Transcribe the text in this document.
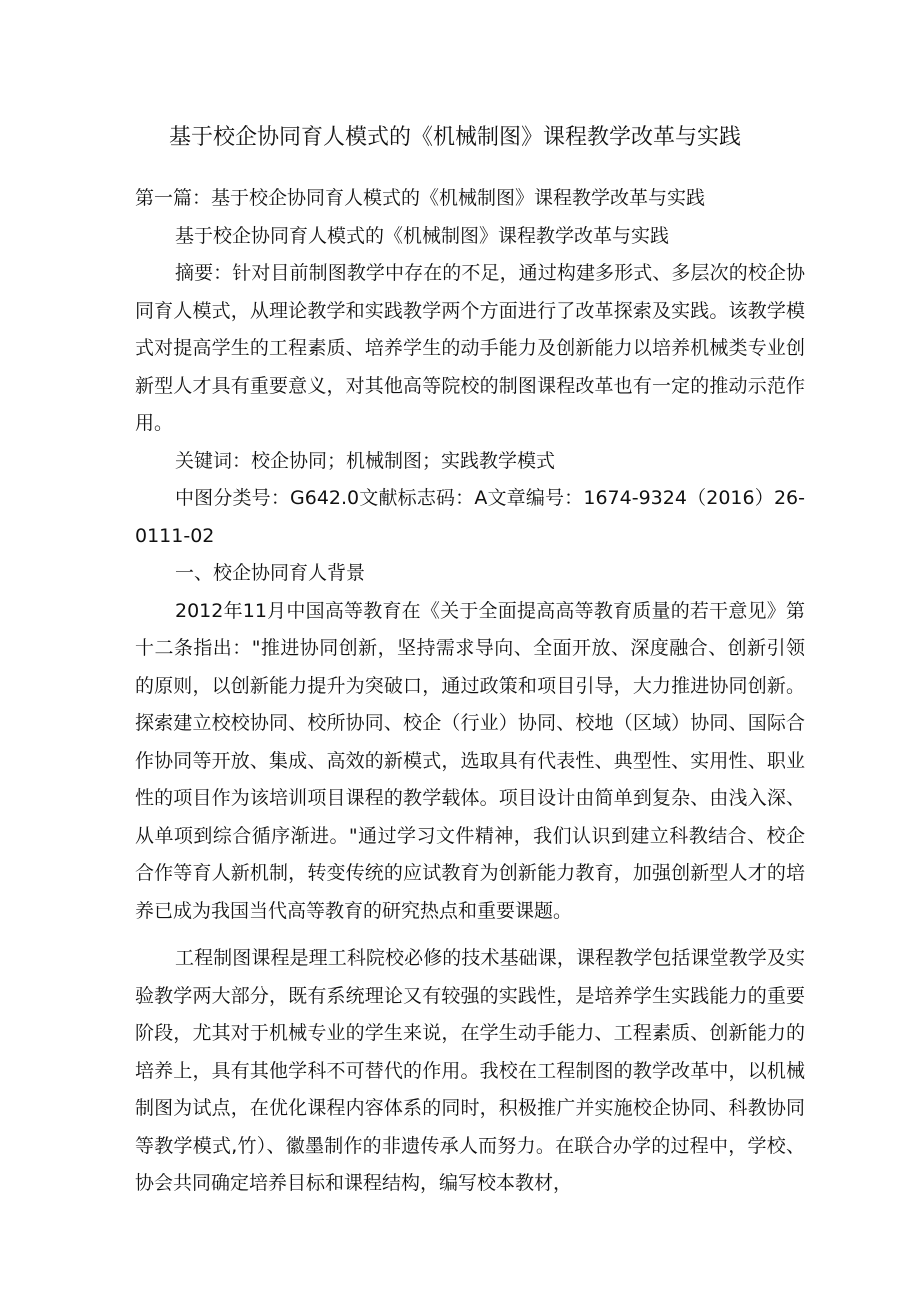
基于校企协同育人模式的《机械制图》课程教学改革与实践

第一篇：基于校企协同育人模式的《机械制图》课程教学改革与实践

基于校企协同育人模式的《机械制图》课程教学改革与实践

摘要：针对目前制图教学中存在的不足，通过构建多形式、多层次的校企协同育人模式，从理论教学和实践教学两个方面进行了改革探索及实践。该教学模式对提高学生的工程素质、培养学生的动手能力及创新能力以培养机械类专业创新型人才具有重要意义，对其他高等院校的制图课程改革也有一定的推动示范作用。

关键词：校企协同；机械制图；实践教学模式

中图分类号：G642.0文献标志码：A文章编号：1674-9324（2016）26-0111-02

一、校企协同育人背景

2012年11月中国高等教育在《关于全面提高高等教育质量的若干意见》第十二条指出："推进协同创新，坚持需求导向、全面开放、深度融合、创新引领的原则，以创新能力提升为突破口，通过政策和项目引导，大力推进协同创新。探索建立校校协同、校所协同、校企（行业）协同、校地（区域）协同、国际合作协同等开放、集成、高效的新模式，选取具有代表性、典型性、实用性、职业性的项目作为该培训项目课程的教学载体。项目设计由简单到复杂、由浅入深、从单项到综合循序渐进。"通过学习文件精神，我们认识到建立科教结合、校企合作等育人新机制，转变传统的应试教育为创新能力教育，加强创新型人才的培养已成为我国当代高等教育的研究热点和重要课题。

工程制图课程是理工科院校必修的技术基础课，课程教学包括课堂教学及实验教学两大部分，既有系统理论又有较强的实践性，是培养学生实践能力的重要阶段，尤其对于机械专业的学生来说，在学生动手能力、工程素质、创新能力的培养上，具有其他学科不可替代的作用。我校在工程制图的教学改革中，以机械制图为试点，在优化课程内容体系的同时，积极推广并实施校企协同、科教协同等教学模式,竹）、徽墨制作的非遗传承人而努力。在联合办学的过程中，学校、协会共同确定培养目标和课程结构，编写校本教材，
